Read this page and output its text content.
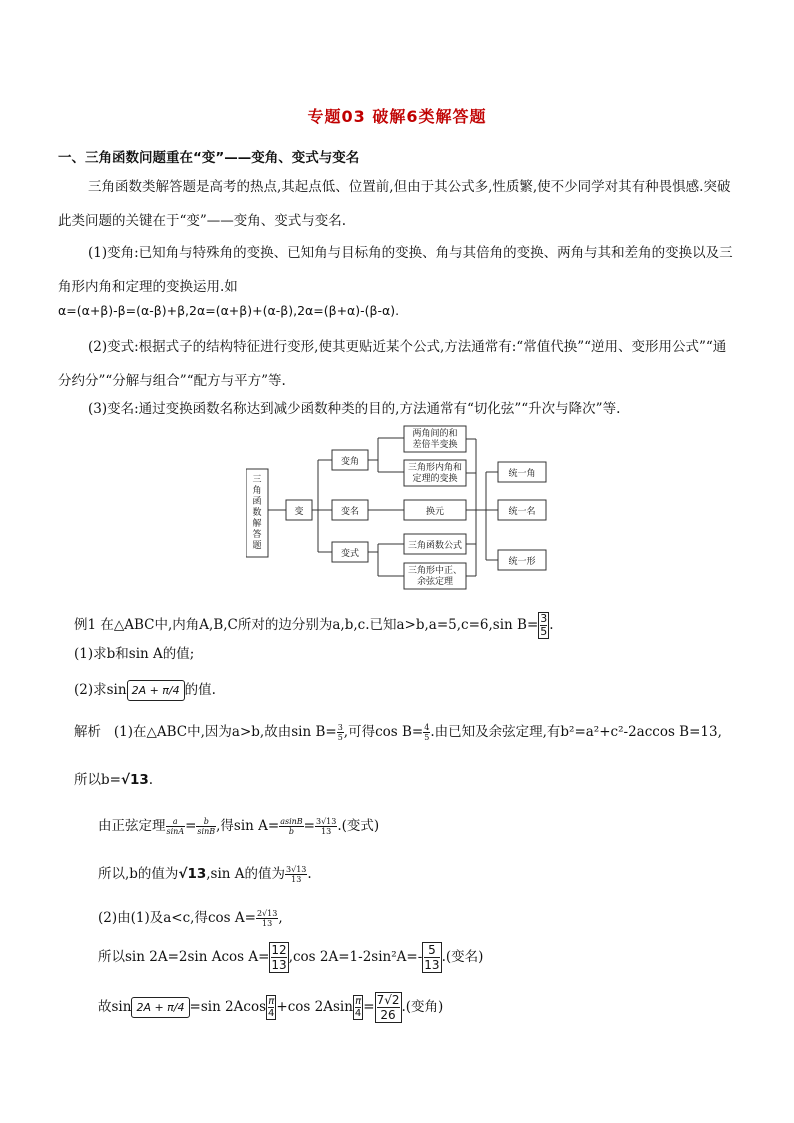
专题03 破解6类解答题
一、三角函数问题重在“变”——变角、变式与变名
三角函数类解答题是高考的热点,其起点低、位置前,但由于其公式多,性质繁,使不少同学对其有种畏惧感.突破此类问题的关键在于“变”——变角、变式与变名.
(1)变角:已知角与特殊角的变换、已知角与目标角的变换、角与其倍角的变换、两角与其和差角的变换以及三角形内角和定理的变换运用.如
α=(α+β)-β=(α-β)+β,2α=(α+β)+(α-β),2α=(β+α)-(β-α).
(2)变式:根据式子的结构特征进行变形,使其更贴近某个公式,方法通常有:“常值代换”“逆用、变形用公式”“通分约分”“分解与组合”“配方与平方”等.
(3)变名:通过变换函数名称达到减少函数种类的目的,方法通常有“切化弦”“升次与降次”等.
三角函数解答题
变
变角
变名
变式
两角间的和
差倍半变换
三角形内角和
定理的变换
换元
三角函数公式
三角形中正、
余弦定理
统一角
统一名
统一形
例1 在△ABC中,内角A,B,C所对的边分别为a,b,c.已知a>b,a=5,c=6,sin $B= \frac{3}{5}$ .
(1)求b和sin A的值;
(2)求sin 2A + π/4 的值.
解析 (1)在△ABC中,因为a>b,故由$\sin B= \frac{3}{5}$ ,可得$\cos B= \frac{4}{5}$ .由已知及余弦定理,有b²=a²+c²-2accos B=13,
所以b=√13.
由正弦定理 $\frac{a}{\sin A} = \frac{b}{\sin B}$ ,得$\sin A= \frac{asinB}{b} = \frac{3√13}{13}$ .(变式)
所以,b的值为√13,sin A的值为 $\frac{3√13}{13}$ .
(2)由(1)及a<c,得$\cos A= \frac{2√13}{13}$ ,
所以sin 2A=2sin Acos $A= \frac{12}{13} ,\cos$ $2A=1-2\sin^2A=- \frac{5}{13}$ .(变名)
故sin 2A + π/4 =sin $2Acos \frac{\pi}{4} +\cos$ $2Asin \frac{\pi}{4} = \frac{7√2}{26}$ .(变角)
